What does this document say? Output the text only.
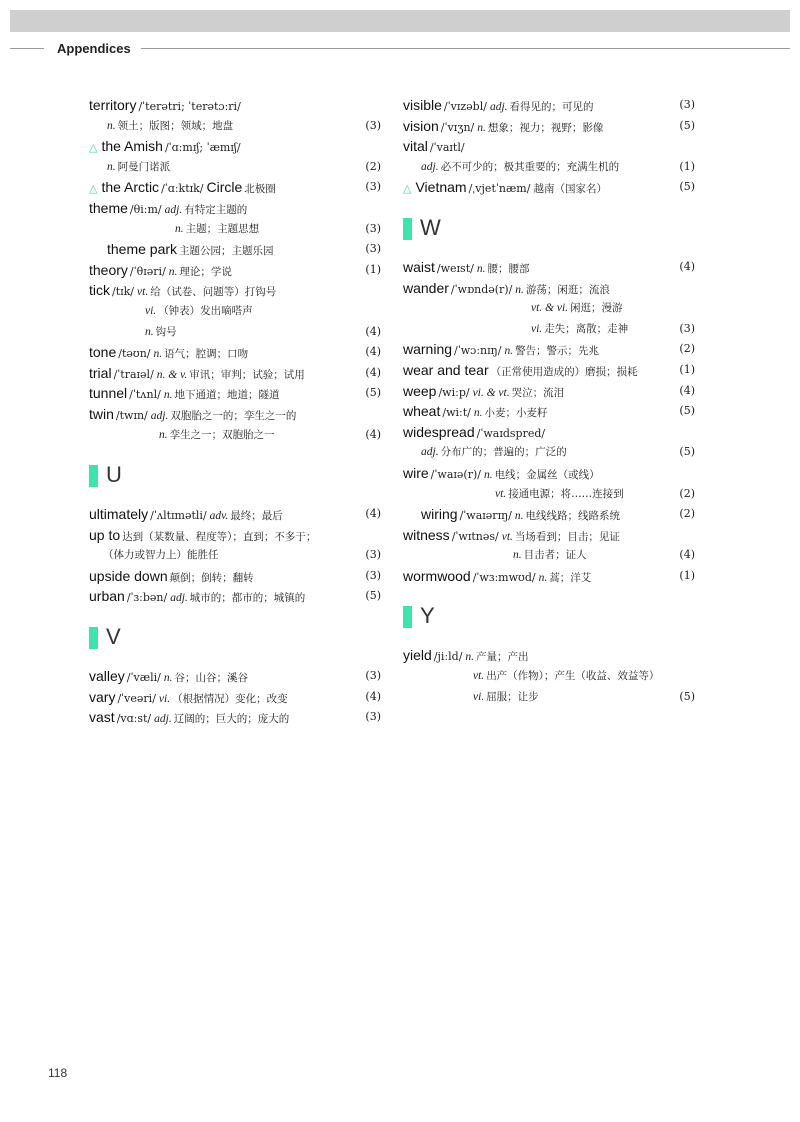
Appendices
territory /ˈterətri; ˈterətɔːri/
n. 领土；版图；领域；地盘	(3)
△ the Amish /ˈɑːmɪʃ; ˈæmɪʃ/
n. 阿曼门诺派	(2)
△ the Arctic /ˈɑːktɪk/ Circle 北极圈	(3)
theme /θiːm/ adj. 有特定主题的
n. 主题；主题思想	(3)
theme park 主题公园；主题乐园	(3)
theory /ˈθɪəri/ n. 理论；学说	(1)
tick /tɪk/ vt. 给（试卷、问题等）打钩号
vi. （钟表）发出嘀嗒声
n. 钩号	(4)
tone /təʊn/ n. 语气；腔调；口吻	(4)
trial /ˈtraɪəl/ n. & v. 审讯；审判；试验；试用	(4)
tunnel /ˈtʌnl/ n. 地下通道；地道；隧道	(5)
twin /twɪn/ adj. 双胞胎之一的；孪生之一的
n. 孪生之一；双胞胎之一	(4)
U
ultimately /ˈʌltɪmətli/ adv. 最终；最后	(4)
up to 达到（某数量、程度等）；直到；不多于；
（体力或智力上）能胜任	(3)
upside down 颠倒；倒转；翻转	(3)
urban /ˈɜːbən/ adj. 城市的；都市的；城镇的	(5)
V
valley /ˈvæli/ n. 谷；山谷；溪谷	(3)
vary /ˈveəri/ vi. （根据情况）变化；改变	(4)
vast /vɑːst/ adj. 辽阔的；巨大的；庞大的	(3)
visible /ˈvɪzəbl/ adj. 看得见的；可见的	(3)
vision /ˈvɪʒn/ n. 想象；视力；视野；影像	(5)
vital /ˈvaɪtl/
adj. 必不可少的；极其重要的；充满生机的	(1)
△ Vietnam /ˌvjetˈnæm/ 越南（国家名）	(5)
W
waist /weɪst/ n. 腰；腰部	(4)
wander /ˈwɒndə(r)/ n. 游荡；闲逛；流浪
vt. & vi. 闲逛；漫游
vi. 走失；离散；走神	(3)
warning /ˈwɔːnɪŋ/ n. 警告；警示；先兆	(2)
wear and tear （正常使用造成的）磨损；损耗	(1)
weep /wiːp/ vi. & vt. 哭泣；流泪	(4)
wheat /wiːt/ n. 小麦；小麦籽	(5)
widespread /ˈwaɪdspred/
adj. 分布广的；普遍的；广泛的	(5)
wire /ˈwaɪə(r)/ n. 电线；金属丝（或线）
vt. 接通电源；将……连接到	(2)
wiring /ˈwaɪərɪŋ/ n. 电线线路；线路系统	(2)
witness /ˈwɪtnəs/ vt. 当场看到；目击；见证
n. 目击者；证人	(4)
wormwood /ˈwɜːmwʊd/ n. 蒿；洋艾	(1)
Y
yield /jiːld/ n. 产量；产出
vt. 出产（作物）；产生（收益、效益等）
vi. 屈服；让步	(5)
118
